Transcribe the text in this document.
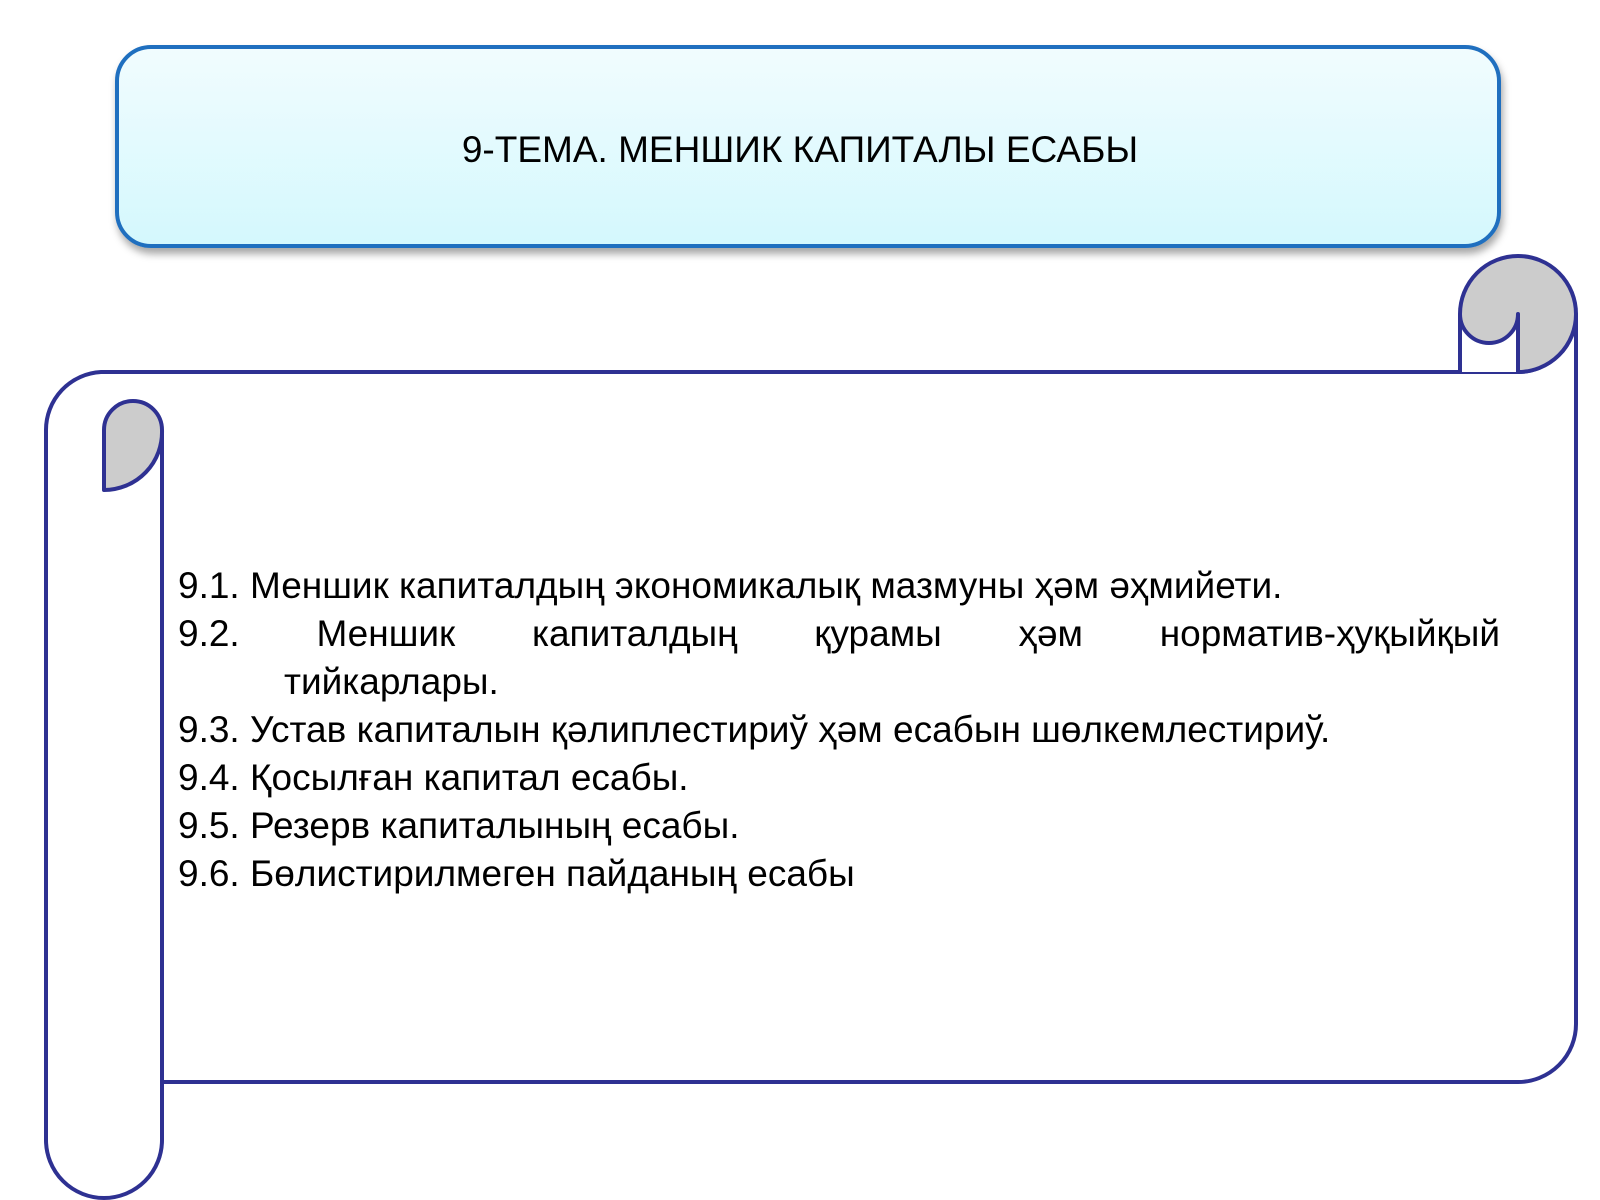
9-ТЕМА. МЕНШИК КАПИТАЛЫ ЕСАБЫ
9.1. Меншик капиталдың экономикалық мазмуны ҳәм әҳмийети.
9.2. Меншик капиталдың қурамы ҳәм норматив-ҳуқыйқый
тийкарлары.
9.3. Устав капиталын қәлиплестириў ҳәм есабын шөлкемлестириў.
9.4. Қосылған капитал есабы.
9.5. Резерв капиталының есабы.
9.6. Бөлистирилмеген пайданың есабы
